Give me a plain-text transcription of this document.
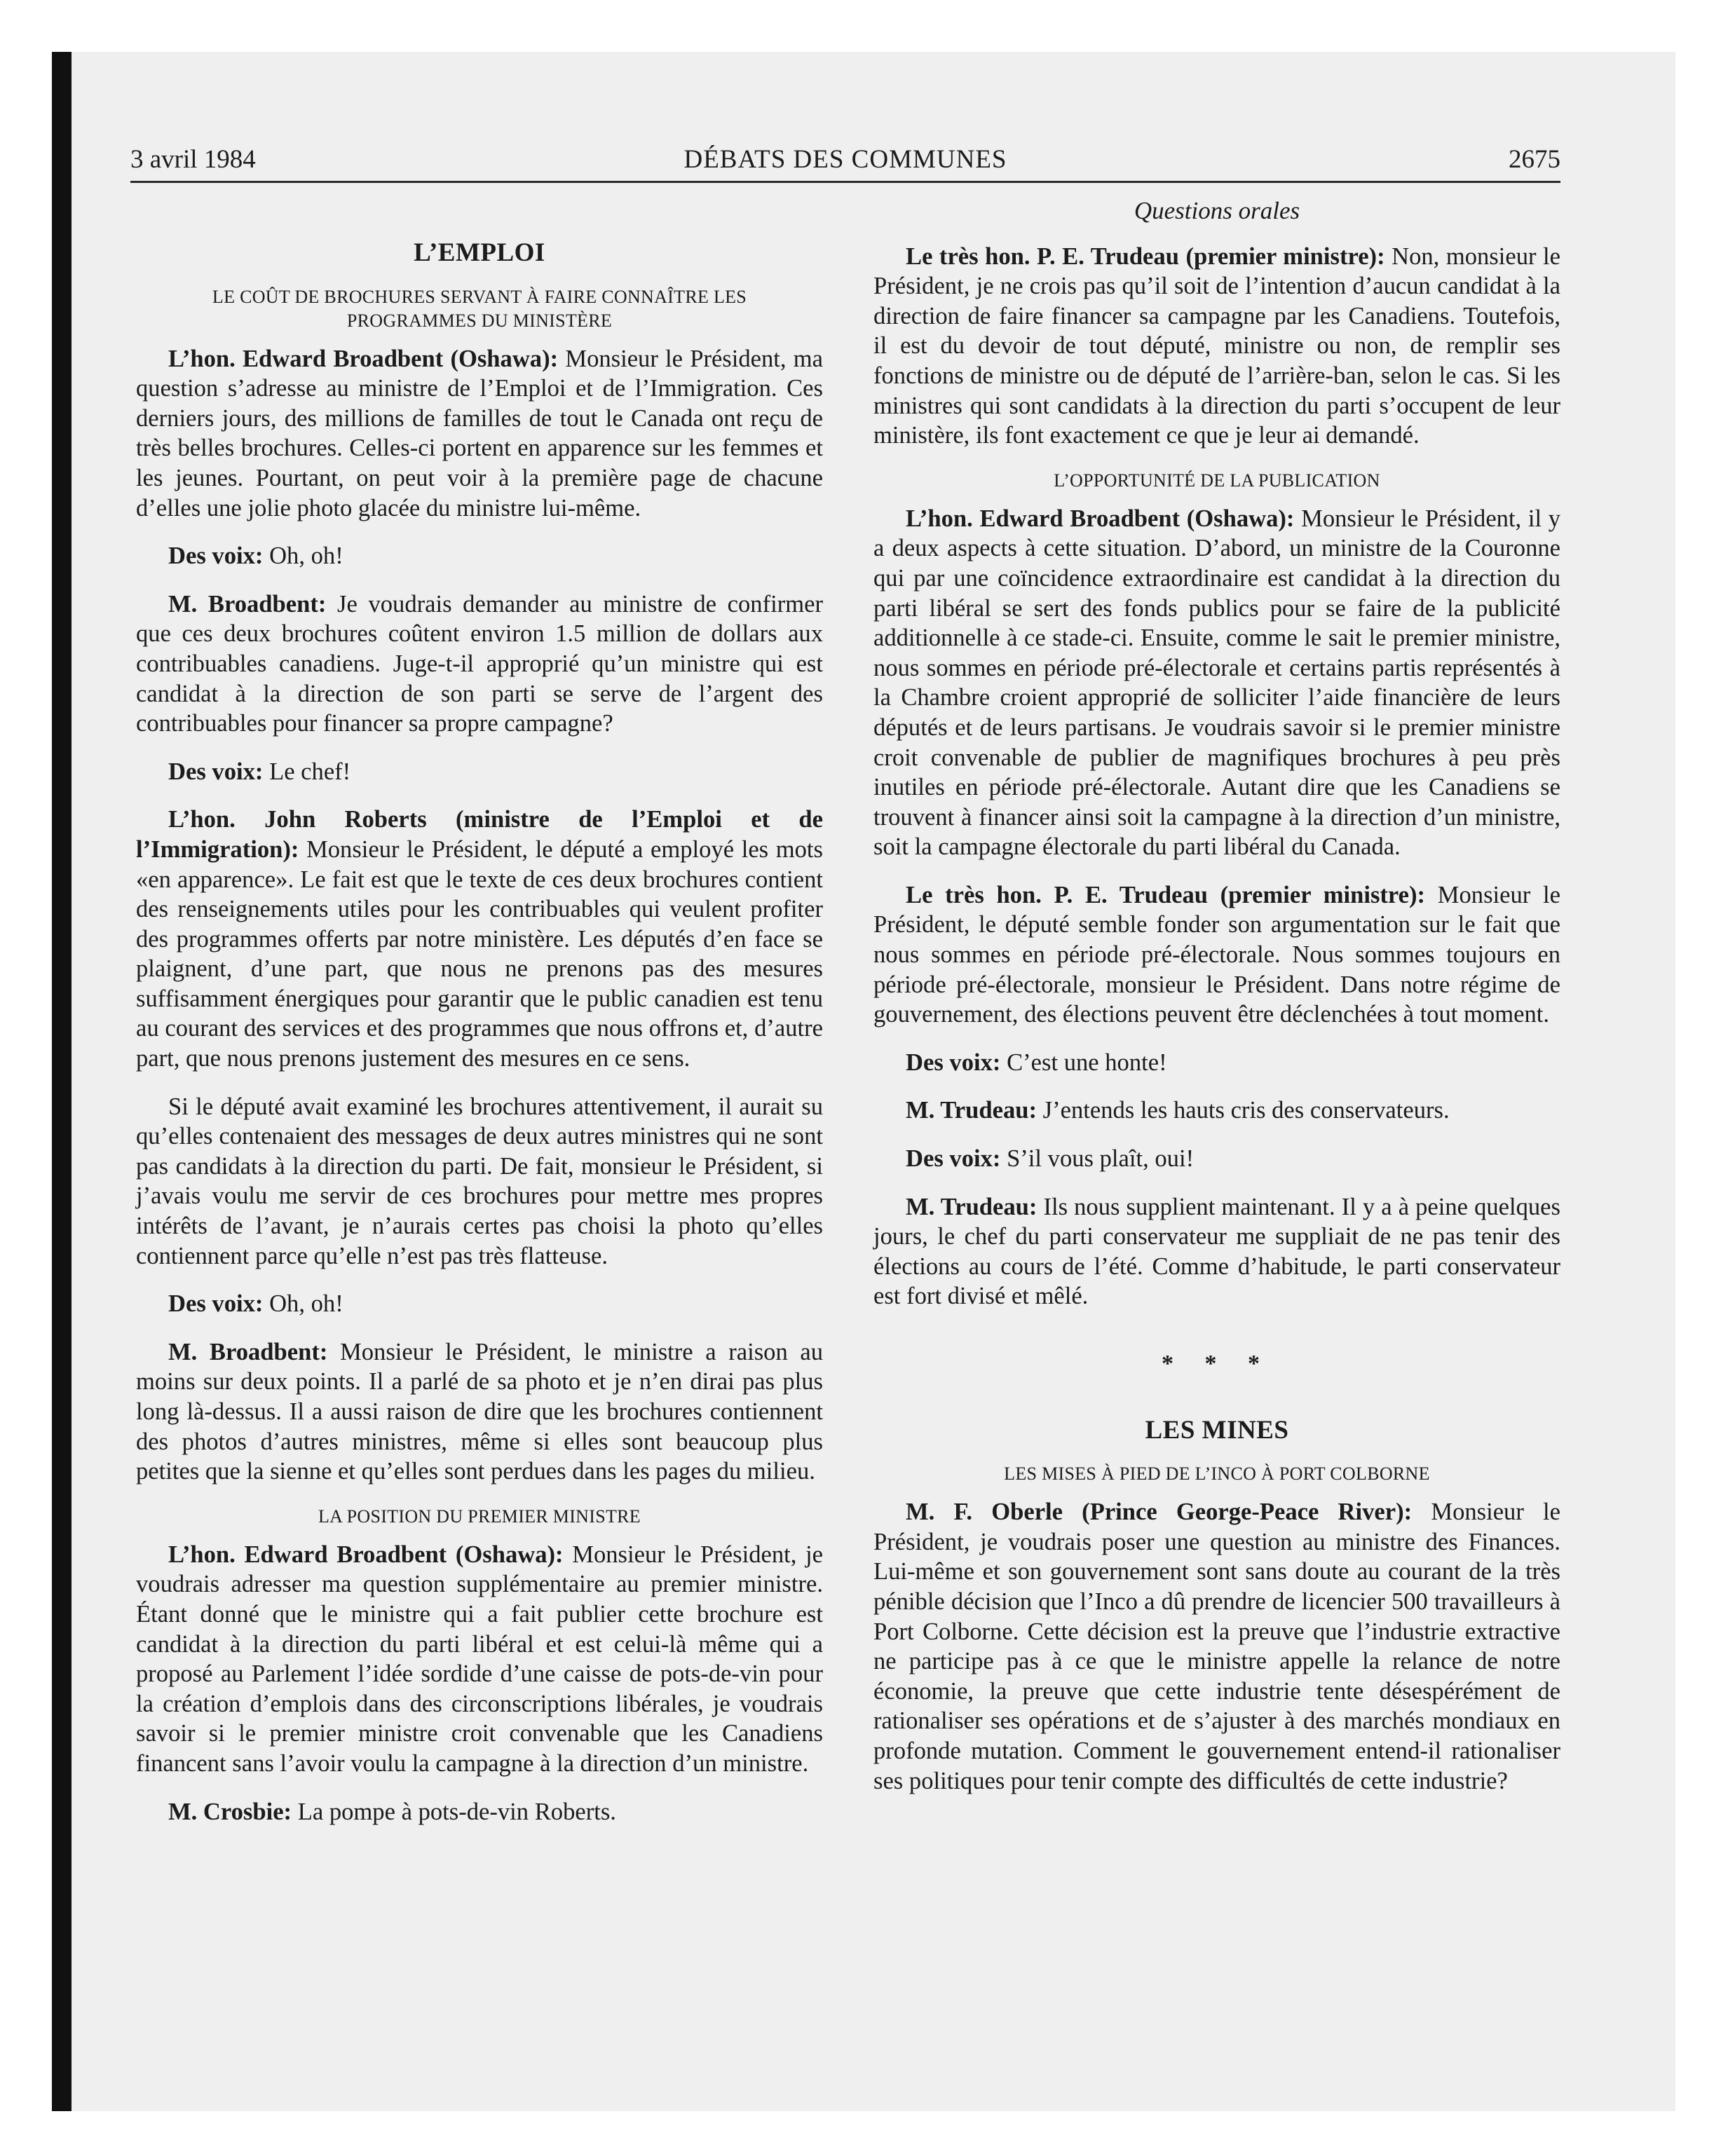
3 avril 1984	DÉBATS DES COMMUNES	2675
L’EMPLOI
LE COÛT DE BROCHURES SERVANT À FAIRE CONNAÎTRE LES PROGRAMMES DU MINISTÈRE

L’hon. Edward Broadbent (Oshawa): Monsieur le Président, ma question s’adresse au ministre de l’Emploi et de l’Immigration. Ces derniers jours, des millions de familles de tout le Canada ont reçu de très belles brochures. Celles-ci portent en apparence sur les femmes et les jeunes. Pourtant, on peut voir à la première page de chacune d’elles une jolie photo glacée du ministre lui-même.

Des voix: Oh, oh!

M. Broadbent: Je voudrais demander au ministre de confirmer que ces deux brochures coûtent environ 1.5 million de dollars aux contribuables canadiens. Juge-t-il approprié qu’un ministre qui est candidat à la direction de son parti se serve de l’argent des contribuables pour financer sa propre campagne?

Des voix: Le chef!

L’hon. John Roberts (ministre de l’Emploi et de l’Immigration): Monsieur le Président, le député a employé les mots «en apparence». Le fait est que le texte de ces deux brochures contient des renseignements utiles pour les contribuables qui veulent profiter des programmes offerts par notre ministère. Les députés d’en face se plaignent, d’une part, que nous ne prenons pas des mesures suffisamment énergiques pour garantir que le public canadien est tenu au courant des services et des programmes que nous offrons et, d’autre part, que nous prenons justement des mesures en ce sens.

Si le député avait examiné les brochures attentivement, il aurait su qu’elles contenaient des messages de deux autres ministres qui ne sont pas candidats à la direction du parti. De fait, monsieur le Président, si j’avais voulu me servir de ces brochures pour mettre mes propres intérêts de l’avant, je n’aurais certes pas choisi la photo qu’elles contiennent parce qu’elle n’est pas très flatteuse.

Des voix: Oh, oh!

M. Broadbent: Monsieur le Président, le ministre a raison au moins sur deux points. Il a parlé de sa photo et je n’en dirai pas plus long là-dessus. Il a aussi raison de dire que les brochures contiennent des photos d’autres ministres, même si elles sont beaucoup plus petites que la sienne et qu’elles sont perdues dans les pages du milieu.

LA POSITION DU PREMIER MINISTRE

L’hon. Edward Broadbent (Oshawa): Monsieur le Président, je voudrais adresser ma question supplémentaire au premier ministre. Étant donné que le ministre qui a fait publier cette brochure est candidat à la direction du parti libéral et est celui-là même qui a proposé au Parlement l’idée sordide d’une caisse de pots-de-vin pour la création d’emplois dans des circonscriptions libérales, je voudrais savoir si le premier ministre croit convenable que les Canadiens financent sans l’avoir voulu la campagne à la direction d’un ministre.

M. Crosbie: La pompe à pots-de-vin Roberts.

Questions orales

Le très hon. P. E. Trudeau (premier ministre): Non, monsieur le Président, je ne crois pas qu’il soit de l’intention d’aucun candidat à la direction de faire financer sa campagne par les Canadiens. Toutefois, il est du devoir de tout député, ministre ou non, de remplir ses fonctions de ministre ou de député de l’arrière-ban, selon le cas. Si les ministres qui sont candidats à la direction du parti s’occupent de leur ministère, ils font exactement ce que je leur ai demandé.

L’OPPORTUNITÉ DE LA PUBLICATION

L’hon. Edward Broadbent (Oshawa): Monsieur le Président, il y a deux aspects à cette situation. D’abord, un ministre de la Couronne qui par une coïncidence extraordinaire est candidat à la direction du parti libéral se sert des fonds publics pour se faire de la publicité additionnelle à ce stade-ci. Ensuite, comme le sait le premier ministre, nous sommes en période pré-électorale et certains partis représentés à la Chambre croient approprié de solliciter l’aide financière de leurs députés et de leurs partisans. Je voudrais savoir si le premier ministre croit convenable de publier de magnifiques brochures à peu près inutiles en période pré-électorale. Autant dire que les Canadiens se trouvent à financer ainsi soit la campagne à la direction d’un ministre, soit la campagne électorale du parti libéral du Canada.

Le très hon. P. E. Trudeau (premier ministre): Monsieur le Président, le député semble fonder son argumentation sur le fait que nous sommes en période pré-électorale. Nous sommes toujours en période pré-électorale, monsieur le Président. Dans notre régime de gouvernement, des élections peuvent être déclenchées à tout moment.

Des voix: C’est une honte!

M. Trudeau: J’entends les hauts cris des conservateurs.

Des voix: S’il vous plaît, oui!

M. Trudeau: Ils nous supplient maintenant. Il y a à peine quelques jours, le chef du parti conservateur me suppliait de ne pas tenir des élections au cours de l’été. Comme d’habitude, le parti conservateur est fort divisé et mêlé.

* * *
LES MINES
LES MISES À PIED DE L’INCO À PORT COLBORNE

M. F. Oberle (Prince George-Peace River): Monsieur le Président, je voudrais poser une question au ministre des Finances. Lui-même et son gouvernement sont sans doute au courant de la très pénible décision que l’Inco a dû prendre de licencier 500 travailleurs à Port Colborne. Cette décision est la preuve que l’industrie extractive ne participe pas à ce que le ministre appelle la relance de notre économie, la preuve que cette industrie tente désespérément de rationaliser ses opérations et de s’ajuster à des marchés mondiaux en profonde mutation. Comment le gouvernement entend-il rationaliser ses politiques pour tenir compte des difficultés de cette industrie?
